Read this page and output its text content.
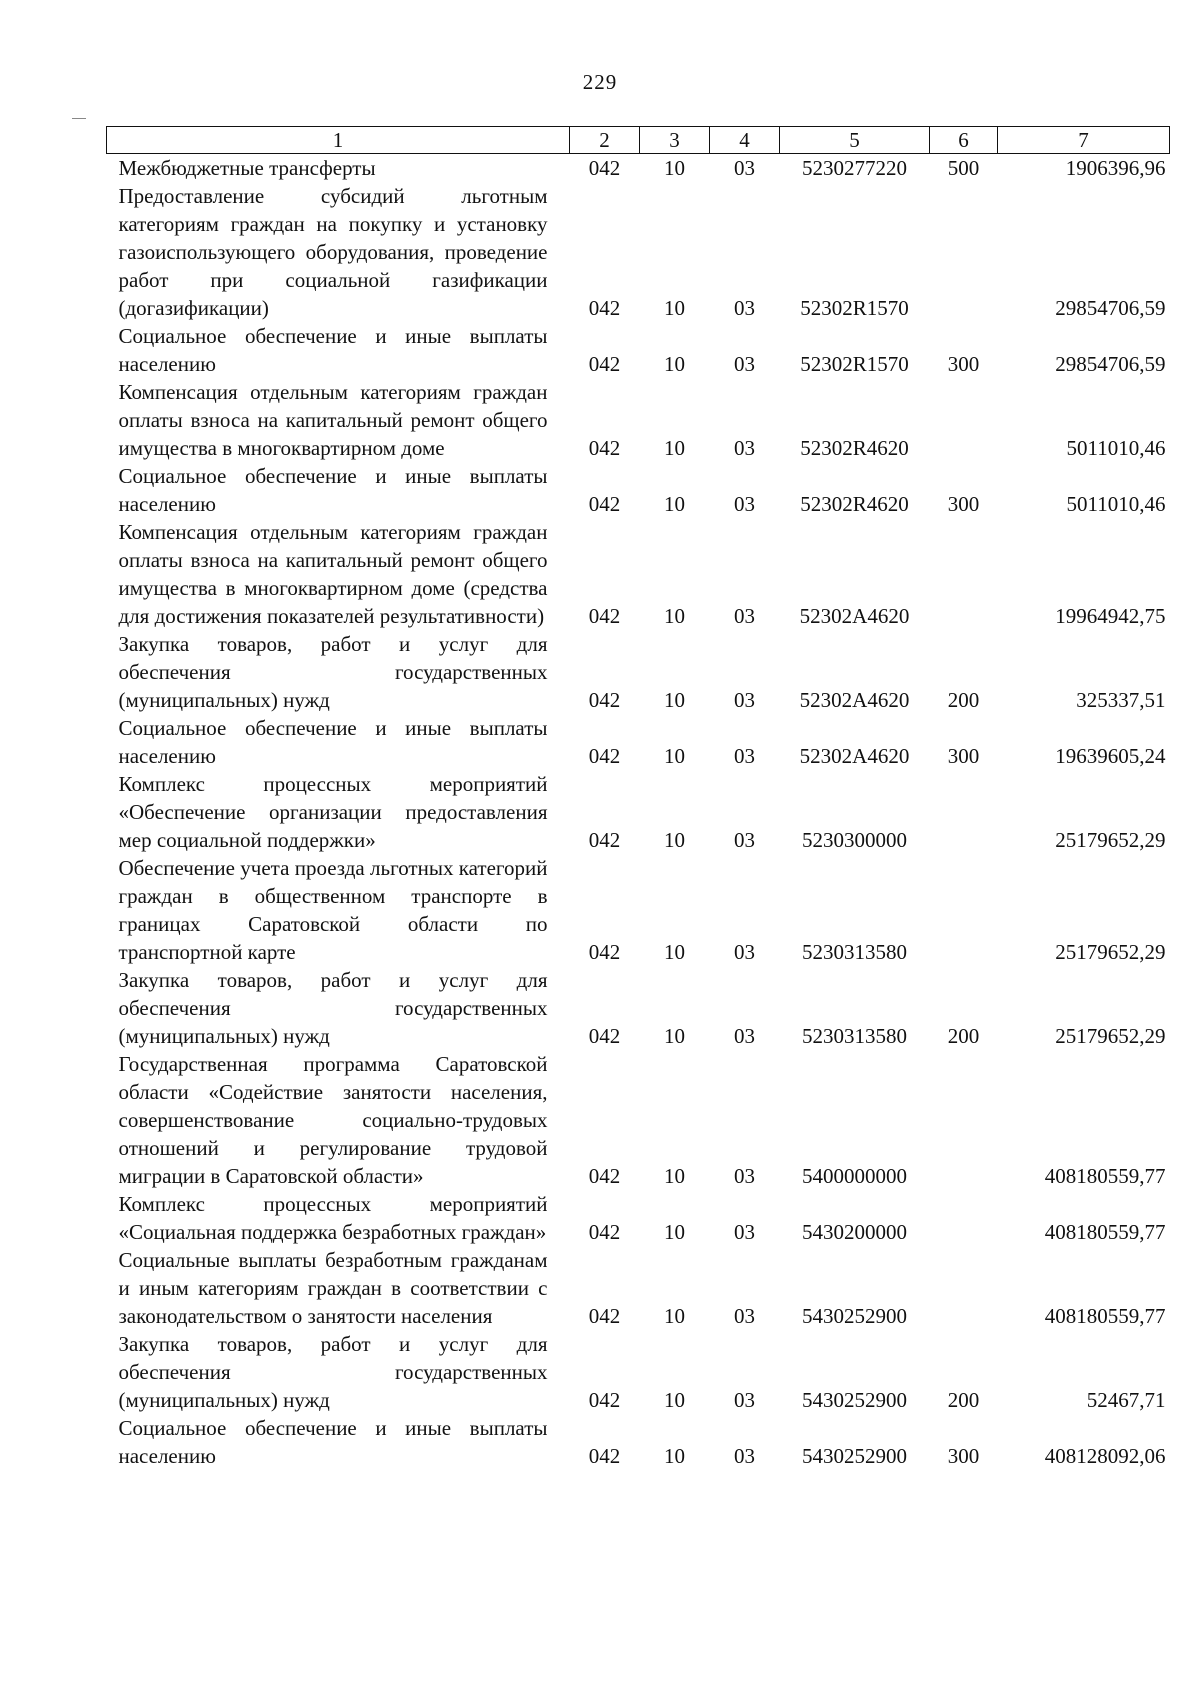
229
1	2	3	4	5	6	7
Межбюджетные трансферты	042	10	03	5230277220	500	1906396,96
Предоставление субсидий льготным категориям граждан на покупку и установку газоиспользующего оборудования, проведение работ при социальной газификации (догазификации)	042	10	03	52302R1570		29854706,59
Социальное обеспечение и иные выплаты населению	042	10	03	52302R1570	300	29854706,59
Компенсация отдельным категориям граждан оплаты взноса на капитальный ремонт общего имущества в многоквартирном доме	042	10	03	52302R4620		5011010,46
Социальное обеспечение и иные выплаты населению	042	10	03	52302R4620	300	5011010,46
Компенсация отдельным категориям граждан оплаты взноса на капитальный ремонт общего имущества в многоквартирном доме (средства для достижения показателей результативности)	042	10	03	52302A4620		19964942,75
Закупка товаров, работ и услуг для обеспечения государственных (муниципальных) нужд	042	10	03	52302A4620	200	325337,51
Социальное обеспечение и иные выплаты населению	042	10	03	52302A4620	300	19639605,24
Комплекс процессных мероприятий «Обеспечение организации предоставления мер социальной поддержки»	042	10	03	5230300000		25179652,29
Обеспечение учета проезда льготных категорий граждан в общественном транспорте в границах Саратовской области по транспортной карте	042	10	03	5230313580		25179652,29
Закупка товаров, работ и услуг для обеспечения государственных (муниципальных) нужд	042	10	03	5230313580	200	25179652,29
Государственная программа Саратовской области «Содействие занятости населения, совершенствование социально-трудовых отношений и регулирование трудовой миграции в Саратовской области»	042	10	03	5400000000		408180559,77
Комплекс процессных мероприятий «Социальная поддержка безработных граждан»	042	10	03	5430200000		408180559,77
Социальные выплаты безработным гражданам и иным категориям граждан в соответствии с законодательством о занятости населения	042	10	03	5430252900		408180559,77
Закупка товаров, работ и услуг для обеспечения государственных (муниципальных) нужд	042	10	03	5430252900	200	52467,71
Социальное обеспечение и иные выплаты населению	042	10	03	5430252900	300	408128092,06
